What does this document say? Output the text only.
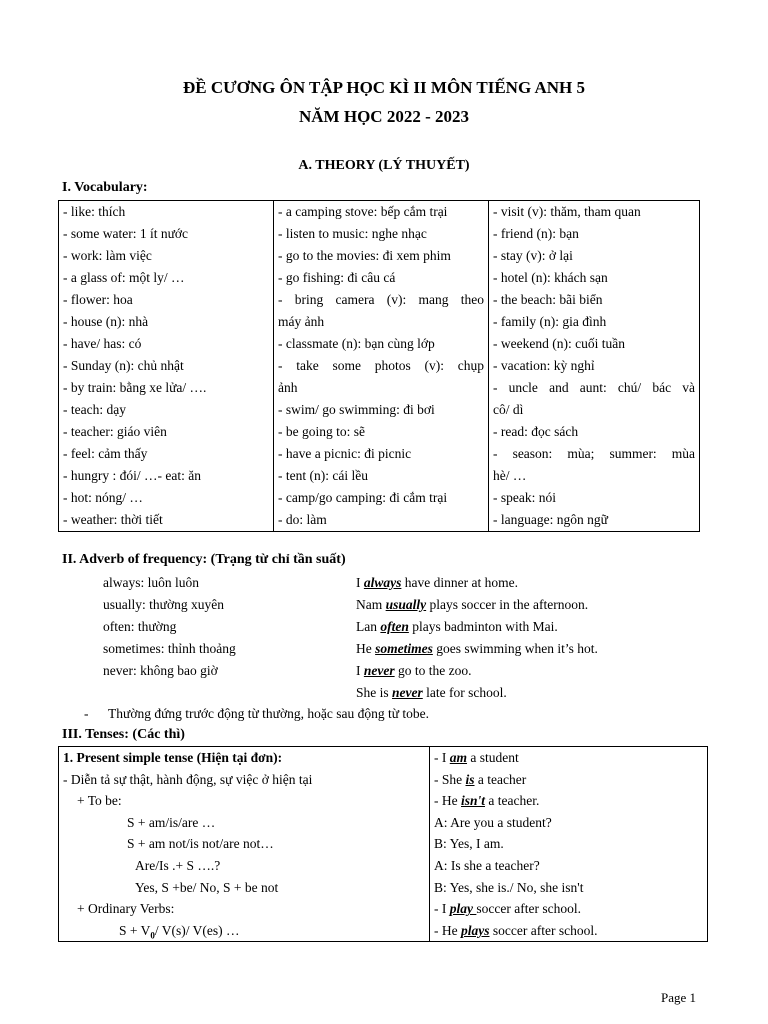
ĐỀ CƯƠNG ÔN TẬP HỌC KÌ II MÔN TIẾNG ANH 5
NĂM HỌC 2022 - 2023
A. THEORY (LÝ THUYẾT)
I. Vocabulary:
- like: thích
- some water: 1 ít nước
- work: làm việc
- a glass of: một ly/ …
- flower: hoa
- house (n): nhà
- have/ has: có
- Sunday (n): chủ nhật
- by train: bằng xe lửa/ ….
- teach: dạy
- teacher: giáo viên
- feel: cảm thấy
- hungry : đói/ …- eat: ăn
- hot: nóng/ …
- weather: thời tiết

- a camping stove: bếp cắm trại
- listen to music: nghe nhạc
- go to the movies: đi xem phim
- go fishing: đi câu cá
- bring camera (v): mang theo
máy ảnh
- classmate (n): bạn cùng lớp
- take some photos (v): chụp
ảnh
- swim/ go swimming: đi bơi
- be going to: sẽ
- have a picnic: đi picnic
- tent (n): cái lều
- camp/go camping: đi cắm trại
- do: làm

- visit (v): thăm, tham quan
- friend (n): bạn
- stay (v): ở lại
- hotel (n): khách sạn
- the beach: bãi biển
- family (n): gia đình
- weekend (n): cuối tuần
- vacation: kỳ nghỉ
- uncle and aunt: chú/ bác và
cô/ dì
- read: đọc sách
- season: mùa; summer: mùa
hè/ …
- speak: nói
- language: ngôn ngữ
II. Adverb of frequency: (Trạng từ chỉ tần suất)
always: luôn luôn	I always have dinner at home.
usually: thường xuyên	Nam usually plays soccer in the afternoon.
often: thường	Lan often plays badminton with Mai.
sometimes: thỉnh thoảng	He sometimes goes swimming when it’s hot.
never: không bao giờ	I never go to the zoo.
She is never late for school.
- Thường đứng trước động từ thường, hoặc sau động từ tobe.
III. Tenses: (Các thì)
1. Present simple tense (Hiện tại đơn):
- Diễn tả sự thật, hành động, sự việc ở hiện tại
+ To be:
S + am/is/are …
S + am not/is not/are not…
Are/Is .+ S ….?
Yes, S +be/ No, S + be not
+ Ordinary Verbs:
$S + V_0/$ V(s)/ V(es) …

- I am a student
- She is a teacher
- He isn't a teacher.
A: Are you a student?
B: Yes, I am.
A: Is she a teacher?
B: Yes, she is./ No, she isn't
- I play soccer after school.
- He plays soccer after school.
Page 1
